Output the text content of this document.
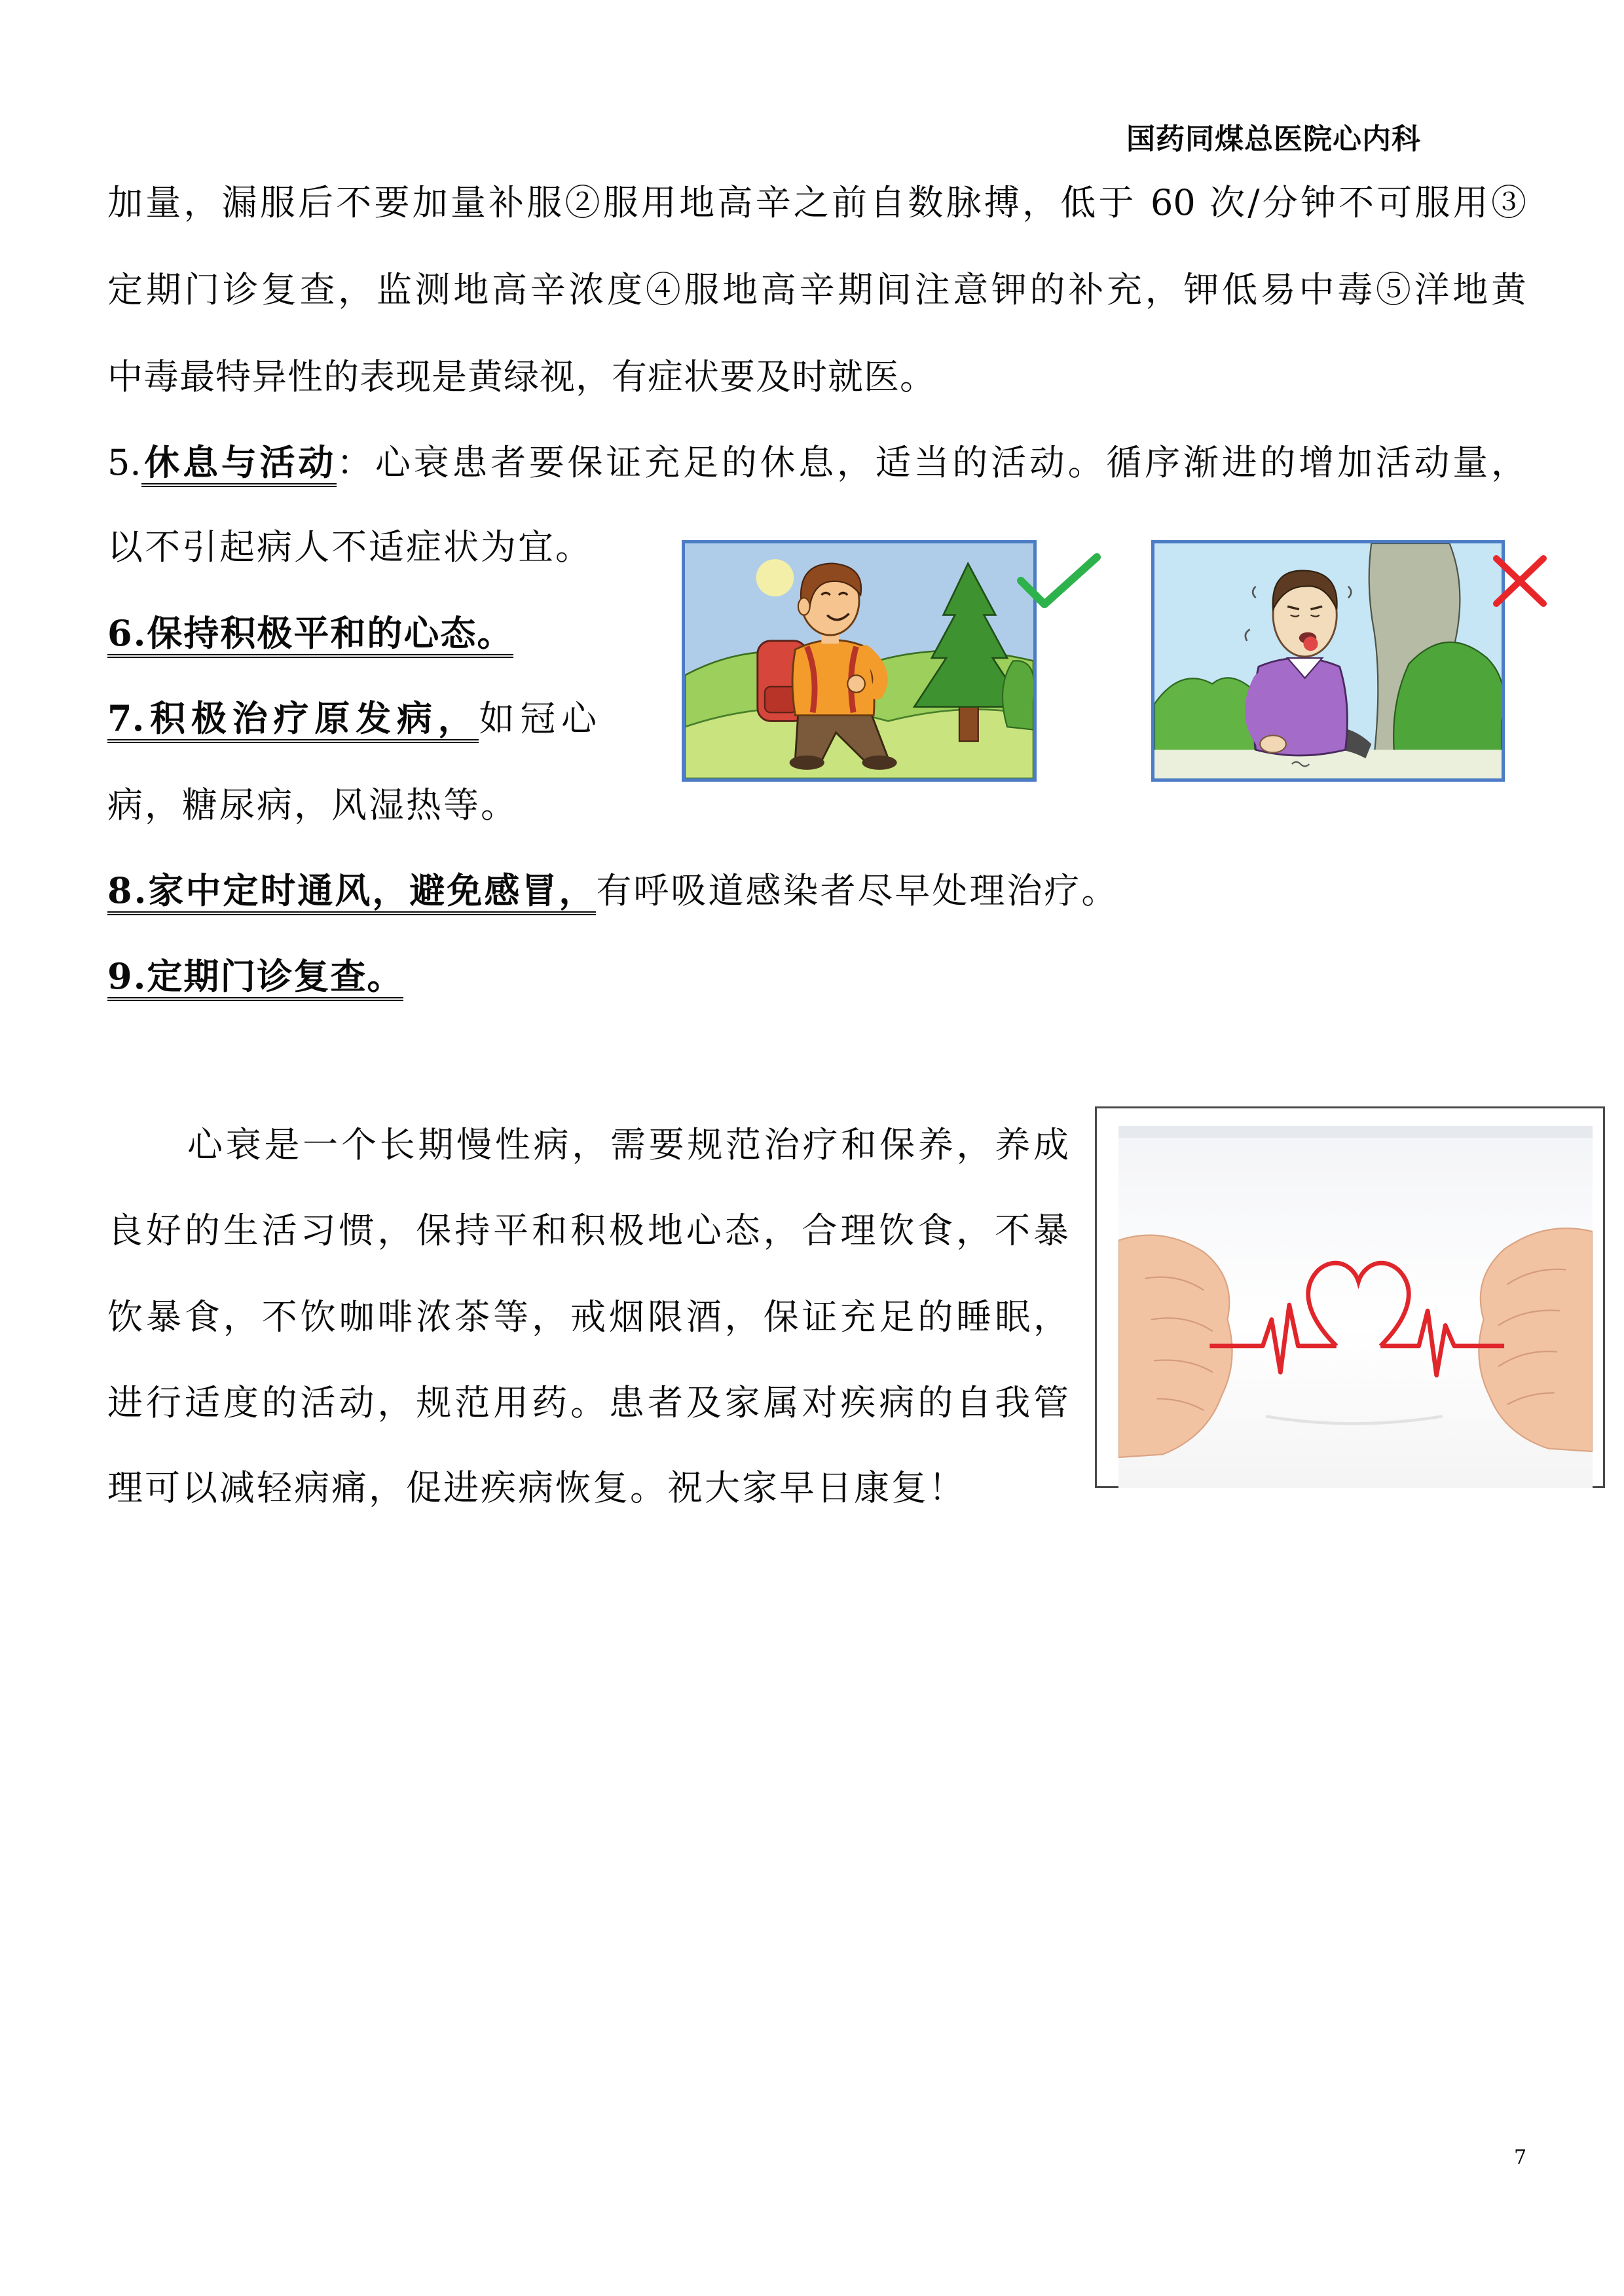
国药同煤总医院心内科
加量，漏服后不要加量补服②服用地高辛之前自数脉搏，低于 60 次/分钟不可服用③
定期门诊复查，监测地高辛浓度④服地高辛期间注意钾的补充，钾低易中毒⑤洋地黄
中毒最特异性的表现是黄绿视，有症状要及时就医。
5.休息与活动：心衰患者要保证充足的休息，适当的活动。循序渐进的增加活动量，
以不引起病人不适症状为宜。
6.保持积极平和的心态。
7.积极治疗原发病，如冠心
病，糖尿病，风湿热等。
8.家中定时通风，避免感冒，有呼吸道感染者尽早处理治疗。
9.定期门诊复查。
心衰是一个长期慢性病，需要规范治疗和保养，养成
良好的生活习惯，保持平和积极地心态，合理饮食，不暴
饮暴食，不饮咖啡浓茶等，戒烟限酒，保证充足的睡眠，
进行适度的活动，规范用药。患者及家属对疾病的自我管
理可以减轻病痛，促进疾病恢复。祝大家早日康复！
7
